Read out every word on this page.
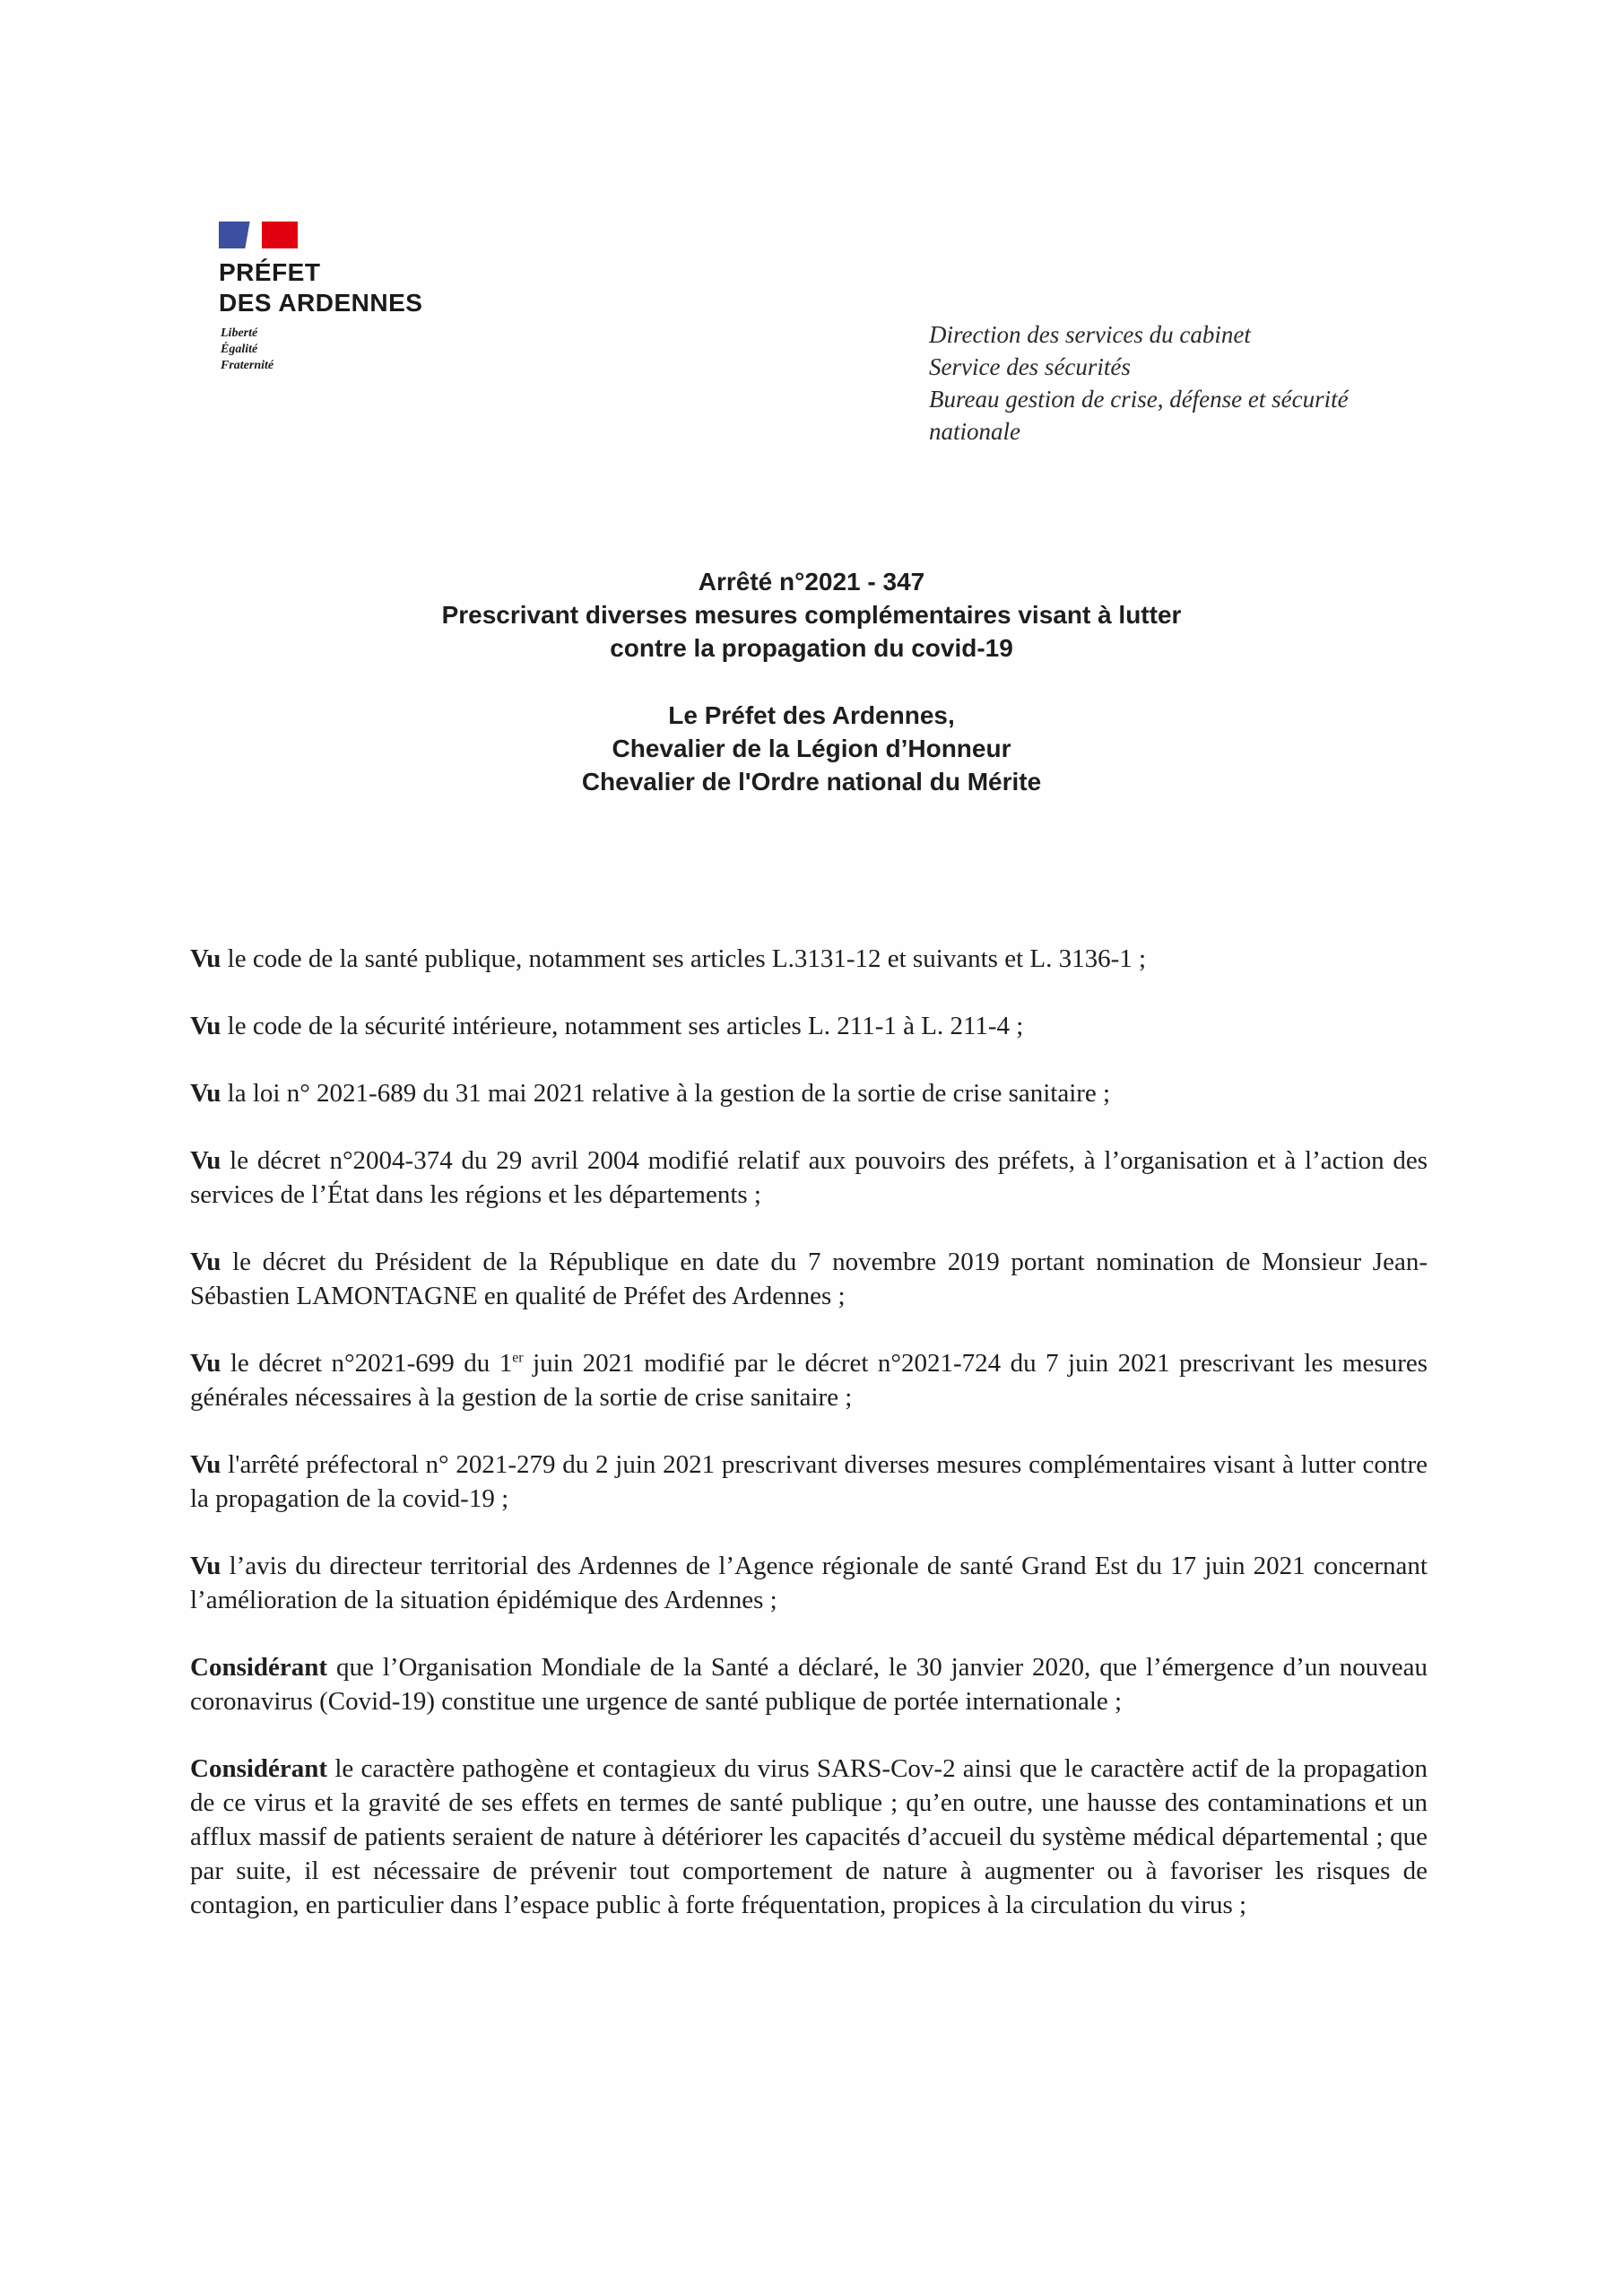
PRÉFET
DES ARDENNES
Liberté
Égalité
Fraternité
Direction des services du cabinet
Service des sécurités
Bureau gestion de crise, défense et sécurité
nationale
Arrêté n°2021 - 347
Prescrivant diverses mesures complémentaires visant à lutter
contre la propagation du covid-19
Le Préfet des Ardennes,
Chevalier de la Légion d’Honneur
Chevalier de l'Ordre national du Mérite

Vu le code de la santé publique, notamment ses articles L.3131-12 et suivants et L. 3136-1 ;

Vu le code de la sécurité intérieure, notamment ses articles L. 211-1 à L. 211-4 ;

Vu la loi n° 2021-689 du 31 mai 2021 relative à la gestion de la sortie de crise sanitaire ;

Vu le décret n°2004-374 du 29 avril 2004 modifié relatif aux pouvoirs des préfets, à l’organisation et à l’action des services de l’État dans les régions et les départements ;

Vu le décret du Président de la République en date du 7 novembre 2019 portant nomination de Monsieur Jean-Sébastien LAMONTAGNE en qualité de Préfet des Ardennes ;

Vu le décret n°2021-699 du 1er juin 2021 modifié par le décret n°2021-724 du 7 juin 2021 prescrivant les mesures générales nécessaires à la gestion de la sortie de crise sanitaire ;

Vu l'arrêté préfectoral n° 2021-279 du 2 juin 2021 prescrivant diverses mesures complémentaires visant à lutter contre la propagation de la covid-19 ;

Vu l’avis du directeur territorial des Ardennes de l’Agence régionale de santé Grand Est du 17 juin 2021 concernant l’amélioration de la situation épidémique des Ardennes ;

Considérant que l’Organisation Mondiale de la Santé a déclaré, le 30 janvier 2020, que l’émergence d’un nouveau coronavirus (Covid-19) constitue une urgence de santé publique de portée internationale ;

Considérant le caractère pathogène et contagieux du virus SARS-Cov-2 ainsi que le caractère actif de la propagation de ce virus et la gravité de ses effets en termes de santé publique ; qu’en outre, une hausse des contaminations et un afflux massif de patients seraient de nature à détériorer les capacités d’accueil du système médical départemental ; que par suite, il est nécessaire de prévenir tout comportement de nature à augmenter ou à favoriser les risques de contagion, en particulier dans l’espace public à forte fréquentation, propices à la circulation du virus ;
